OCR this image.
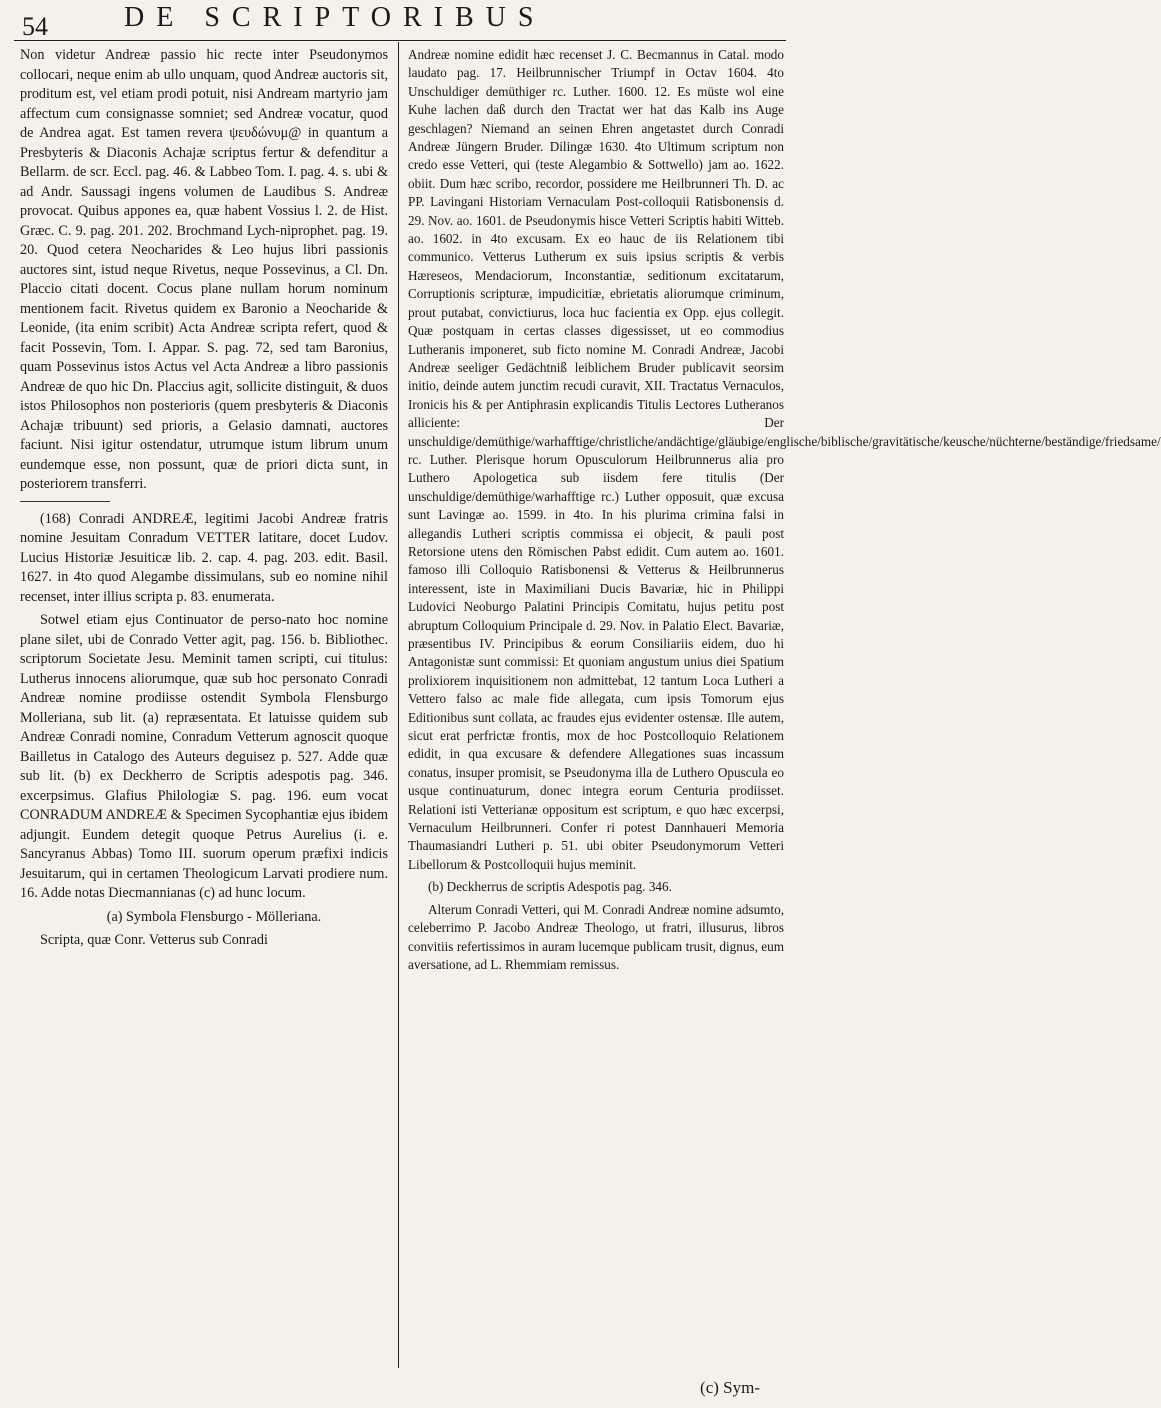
54	DE SCRIPTORIBUS

Non videtur Andreæ passio hic recte inter Pseudonymos collocari, neque enim ab ullo unquam, quod Andreæ auctoris sit, proditum est, vel etiam prodi potuit, nisi Andream martyrio jam affectum cum consignasse somniet; sed Andreæ vocatur, quod de Andrea agat. Est tamen revera ψευδώνυμ@ in quantum a Presbyteris & Diaconis Achajæ scriptus fertur & defenditur a Bellarm. de scr. Eccl. pag. 46. & Labbeo Tom. I. pag. 4. s. ubi & ad Andr. Saussagi ingens volumen de Laudibus S. Andreæ provocat. Quibus appones ea, quæ habent Vossius l. 2. de Hist. Græc. C. 9. pag. 201. 202. Brochmand Lych-niprophet. pag. 19. 20. Quod cetera Neocharides & Leo hujus libri passionis auctores sint, istud neque Rivetus, neque Possevinus, a Cl. Dn. Placcio citati docent. Cocus plane nullam horum nominum mentionem facit. Rivetus quidem ex Baronio a Neocharide & Leonide, (ita enim scribit) Acta Andreæ scripta refert, quod & facit Possevin, Tom. I. Appar. S. pag. 72, sed tam Baronius, quam Possevinus istos Actus vel Acta Andreæ a libro passionis Andreæ de quo hic Dn. Placcius agit, sollicite distinguit, & duos istos Philosophos non posterioris (quem presbyteris & Diaconis Achajæ tribuunt) sed prioris, a Gelasio damnati, auctores faciunt. Nisi igitur ostendatur, utrumque istum librum unum eundemque esse, non possunt, quæ de priori dicta sunt, in posteriorem transferri.

(168) Conradi ANDREÆ, legitimi Jacobi Andreæ fratris nomine Jesuitam Conradum VETTER latitare, docet Ludov. Lucius Historiæ Jesuiticæ lib. 2. cap. 4. pag. 203. edit. Basil. 1627. in 4to quod Alegambe dissimulans, sub eo nomine nihil recenset, inter illius scripta p. 83. enumerata.

Sotwel etiam ejus Continuator de perso-nato hoc nomine plane silet, ubi de Conrado Vetter agit, pag. 156. b. Bibliothec. scriptorum Societate Jesu. Meminit tamen scripti, cui titulus: Lutherus innocens aliorumque, quæ sub hoc personato Conradi Andreæ nomine prodiisse ostendit Symbola Flensburgo Molleriana, sub lit. (a) repræsentata. Et latuisse quidem sub Andreæ Conradi nomine, Conradum Vetterum agnoscit quoque Bailletus in Catalogo des Auteurs deguisez p. 527. Adde quæ sub lit. (b) ex Deckherro de Scriptis adespotis pag. 346. excerpsimus. Glafius Philologiæ S. pag. 196. eum vocat CONRADUM ANDREÆ & Specimen Sycophantiæ ejus ibidem adjungit. Eundem detegit quoque Petrus Aurelius (i. e. Sancyranus Abbas) Tomo III. suorum operum præfixi indicis Jesuitarum, qui in certamen Theologicum Larvati prodiere num. 16. Adde notas Diecmannianas (c) ad hunc locum.

(a) Symbola Flensburgo - Mölleriana.

Scripta, quæ Conr. Vetterus sub Conradi

Andreæ nomine edidit hæc recenset J. C. Becmannus in Catal. modo laudato pag. 17. Heilbrunnischer Triumpf in Octav 1604. 4to Unschuldiger demüthiger rc. Luther. 1600. 12. Es müste wol eine Kuhe lachen daß durch den Tractat wer hat das Kalb ins Auge geschlagen? Niemand an seinen Ehren angetastet durch Conradi Andreæ Jüngern Bruder. Dilingæ 1630. 4to Ultimum scriptum non credo esse Vetteri, qui (teste Alegambio & Sottwello) jam ao. 1622. obiit. Dum hæc scribo, recordor, possidere me Heilbrunneri Th. D. ac PP. Lavingani Historiam Vernaculam Post-colloquii Ratisbonensis d. 29. Nov. ao. 1601. de Pseudonymis hisce Vetteri Scriptis habiti Witteb. ao. 1602. in 4to excusam. Ex eo hauc de iis Relationem tibi communico. Vetterus Lutherum ex suis ipsius scriptis & verbis Hæreseos, Mendaciorum, Inconstantiæ, seditionum excitatarum, Corruptionis scripturæ, impudicitiæ, ebrietatis aliorumque criminum, prout putabat, convictiurus, loca huc facientia ex Opp. ejus collegit. Quæ postquam in certas classes digessisset, ut eo commodius Lutheranis imponeret, sub ficto nomine M. Conradi Andreæ, Jacobi Andreæ seeliger Gedächtniß leiblichem Bruder publicavit seorsim initio, deinde autem junctim recudi curavit, XII. Tractatus Vernaculos, Ironicis his & per Antiphrasin explicandis Titulis Lectores Lutheranos alliciente: Der unschuldige/demüthige/warhafftige/christliche/andächtige/gläubige/englische/biblische/gravitätische/keusche/nüchterne/beständige/friedsame/ rc. Luther. Plerisque horum Opusculorum Heilbrunnerus alia pro Luthero Apologetica sub iisdem fere titulis (Der unschuldige/demüthige/warhafftige rc.) Luther opposuit, quæ excusa sunt Lavingæ ao. 1599. in 4to. In his plurima crimina falsi in allegandis Lutheri scriptis commissa ei objecit, & pauli post Retorsione utens den Römischen Pabst edidit. Cum autem ao. 1601. famoso illi Colloquio Ratisbonensi & Vetterus & Heilbrunnerus interessent, iste in Maximiliani Ducis Bavariæ, hic in Philippi Ludovici Neoburgo Palatini Principis Comitatu, hujus petitu post abruptum Colloquium Principale d. 29. Nov. in Palatio Elect. Bavariæ, præsentibus IV. Principibus & eorum Consiliariis eidem, duo hi Antagonistæ sunt commissi: Et quoniam angustum unius diei Spatium prolixiorem inquisitionem non admittebat, 12 tantum Loca Lutheri a Vettero falso ac male fide allegata, cum ipsis Tomorum ejus Editionibus sunt collata, ac fraudes ejus evidenter ostensæ. Ille autem, sicut erat perfrictæ frontis, mox de hoc Postcolloquio Relationem edidit, in qua excusare & defendere Allegationes suas incassum conatus, insuper promisit, se Pseudonyma illa de Luthero Opuscula eo usque continuaturum, donec integra eorum Centuria prodiisset. Relationi isti Vetterianæ oppositum est scriptum, e quo hæc excerpsi, Vernaculum Heilbrunneri. Confer ri potest Dannhaueri Memoria Thaumasiandri Lutheri p. 51. ubi obiter Pseudonymorum Vetteri Libellorum & Postcolloquii hujus meminit.

(b) Deckherrus de scriptis Adespotis pag. 346.

Alterum Conradi Vetteri, qui M. Conradi Andreæ nomine adsumto, celeberrimo P. Jacobo Andreæ Theologo, ut fratri, illusurus, libros convitiis refertissimos in auram lucemque publicam trusit, dignus, eum aversatione, ad L. Rhemmiam remissus.

(c) Sym-
